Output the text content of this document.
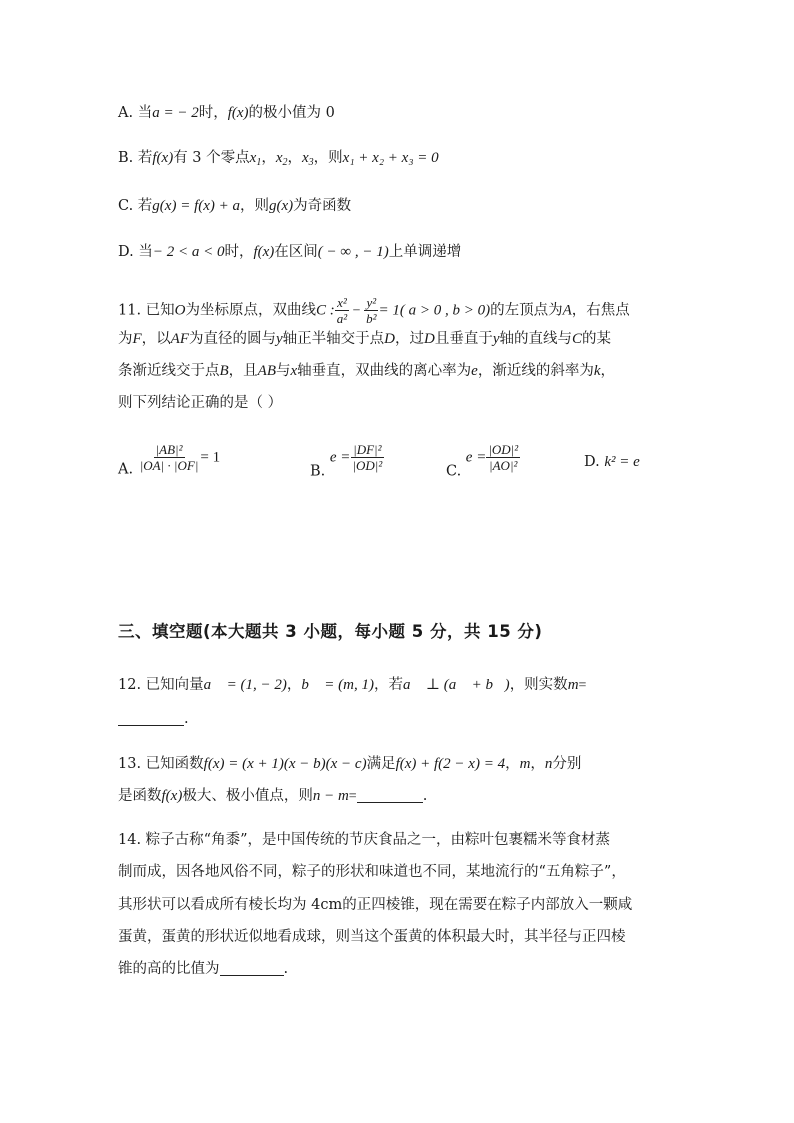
A. 当a = − 2时，f(x)的极小值为 0
B. 若f(x)有 3 个零点$x_1$，$x_2$，$x_3$，则x₁ + x₂ + x₃ = 0
C. 若g(x) = f(x) + a，则g(x)为奇函数
D. 当− 2 < a < 0时，f(x)在区间( − ∞ , − 1)上单调递增
11. 已知O为坐标原点，双曲线C : $\frac{\text{x²}}{\text{a²}} - \frac{\text{y²}}{\text{b²}} = 1$( a > 0 , b > 0)的左顶点为A，右焦点
为F，以AF为直径的圆与y轴正半轴交于点D，过D且垂直于y轴的直线与C的某
条渐近线交于点B，且AB与x轴垂直，双曲线的离心率为e，渐近线的斜率为k，
则下列结论正确的是（ ）
A. $\frac{\text{|AB|²}}{|OA| \cdot |OF|} = 1$
B. $e = \frac{\text{|DF|²}}{\text{|OD|²}}$	C. $e = \frac{\text{|OD|²}}{\text{|AO|²}}$	D. k² = e
三、填空题(本大题共 3 小题，每小题 5 分，共 15 分)
12. 已知向量a⃗ = (1, − 2)，b⃗ = (m, 1)，若a⃗ ⊥ (a⃗ + b⃗)，则实数m=
.
13. 已知函数f(x) = (x + 1)(x − b)(x − c)满足f(x) + f(2 − x) = 4，m，n分别
是函数f(x)极大、极小值点，则n − m=	.
14. 粽子古称“角黍”，是中国传统的节庆食品之一，由粽叶包裹糯米等食材蒸
制而成，因各地风俗不同，粽子的形状和味道也不同，某地流行的“五角粽子”，
其形状可以看成所有棱长均为 4cm的正四棱锥，现在需要在粽子内部放入一颗咸
蛋黄，蛋黄的形状近似地看成球，则当这个蛋黄的体积最大时，其半径与正四棱
锥的高的比值为	.
